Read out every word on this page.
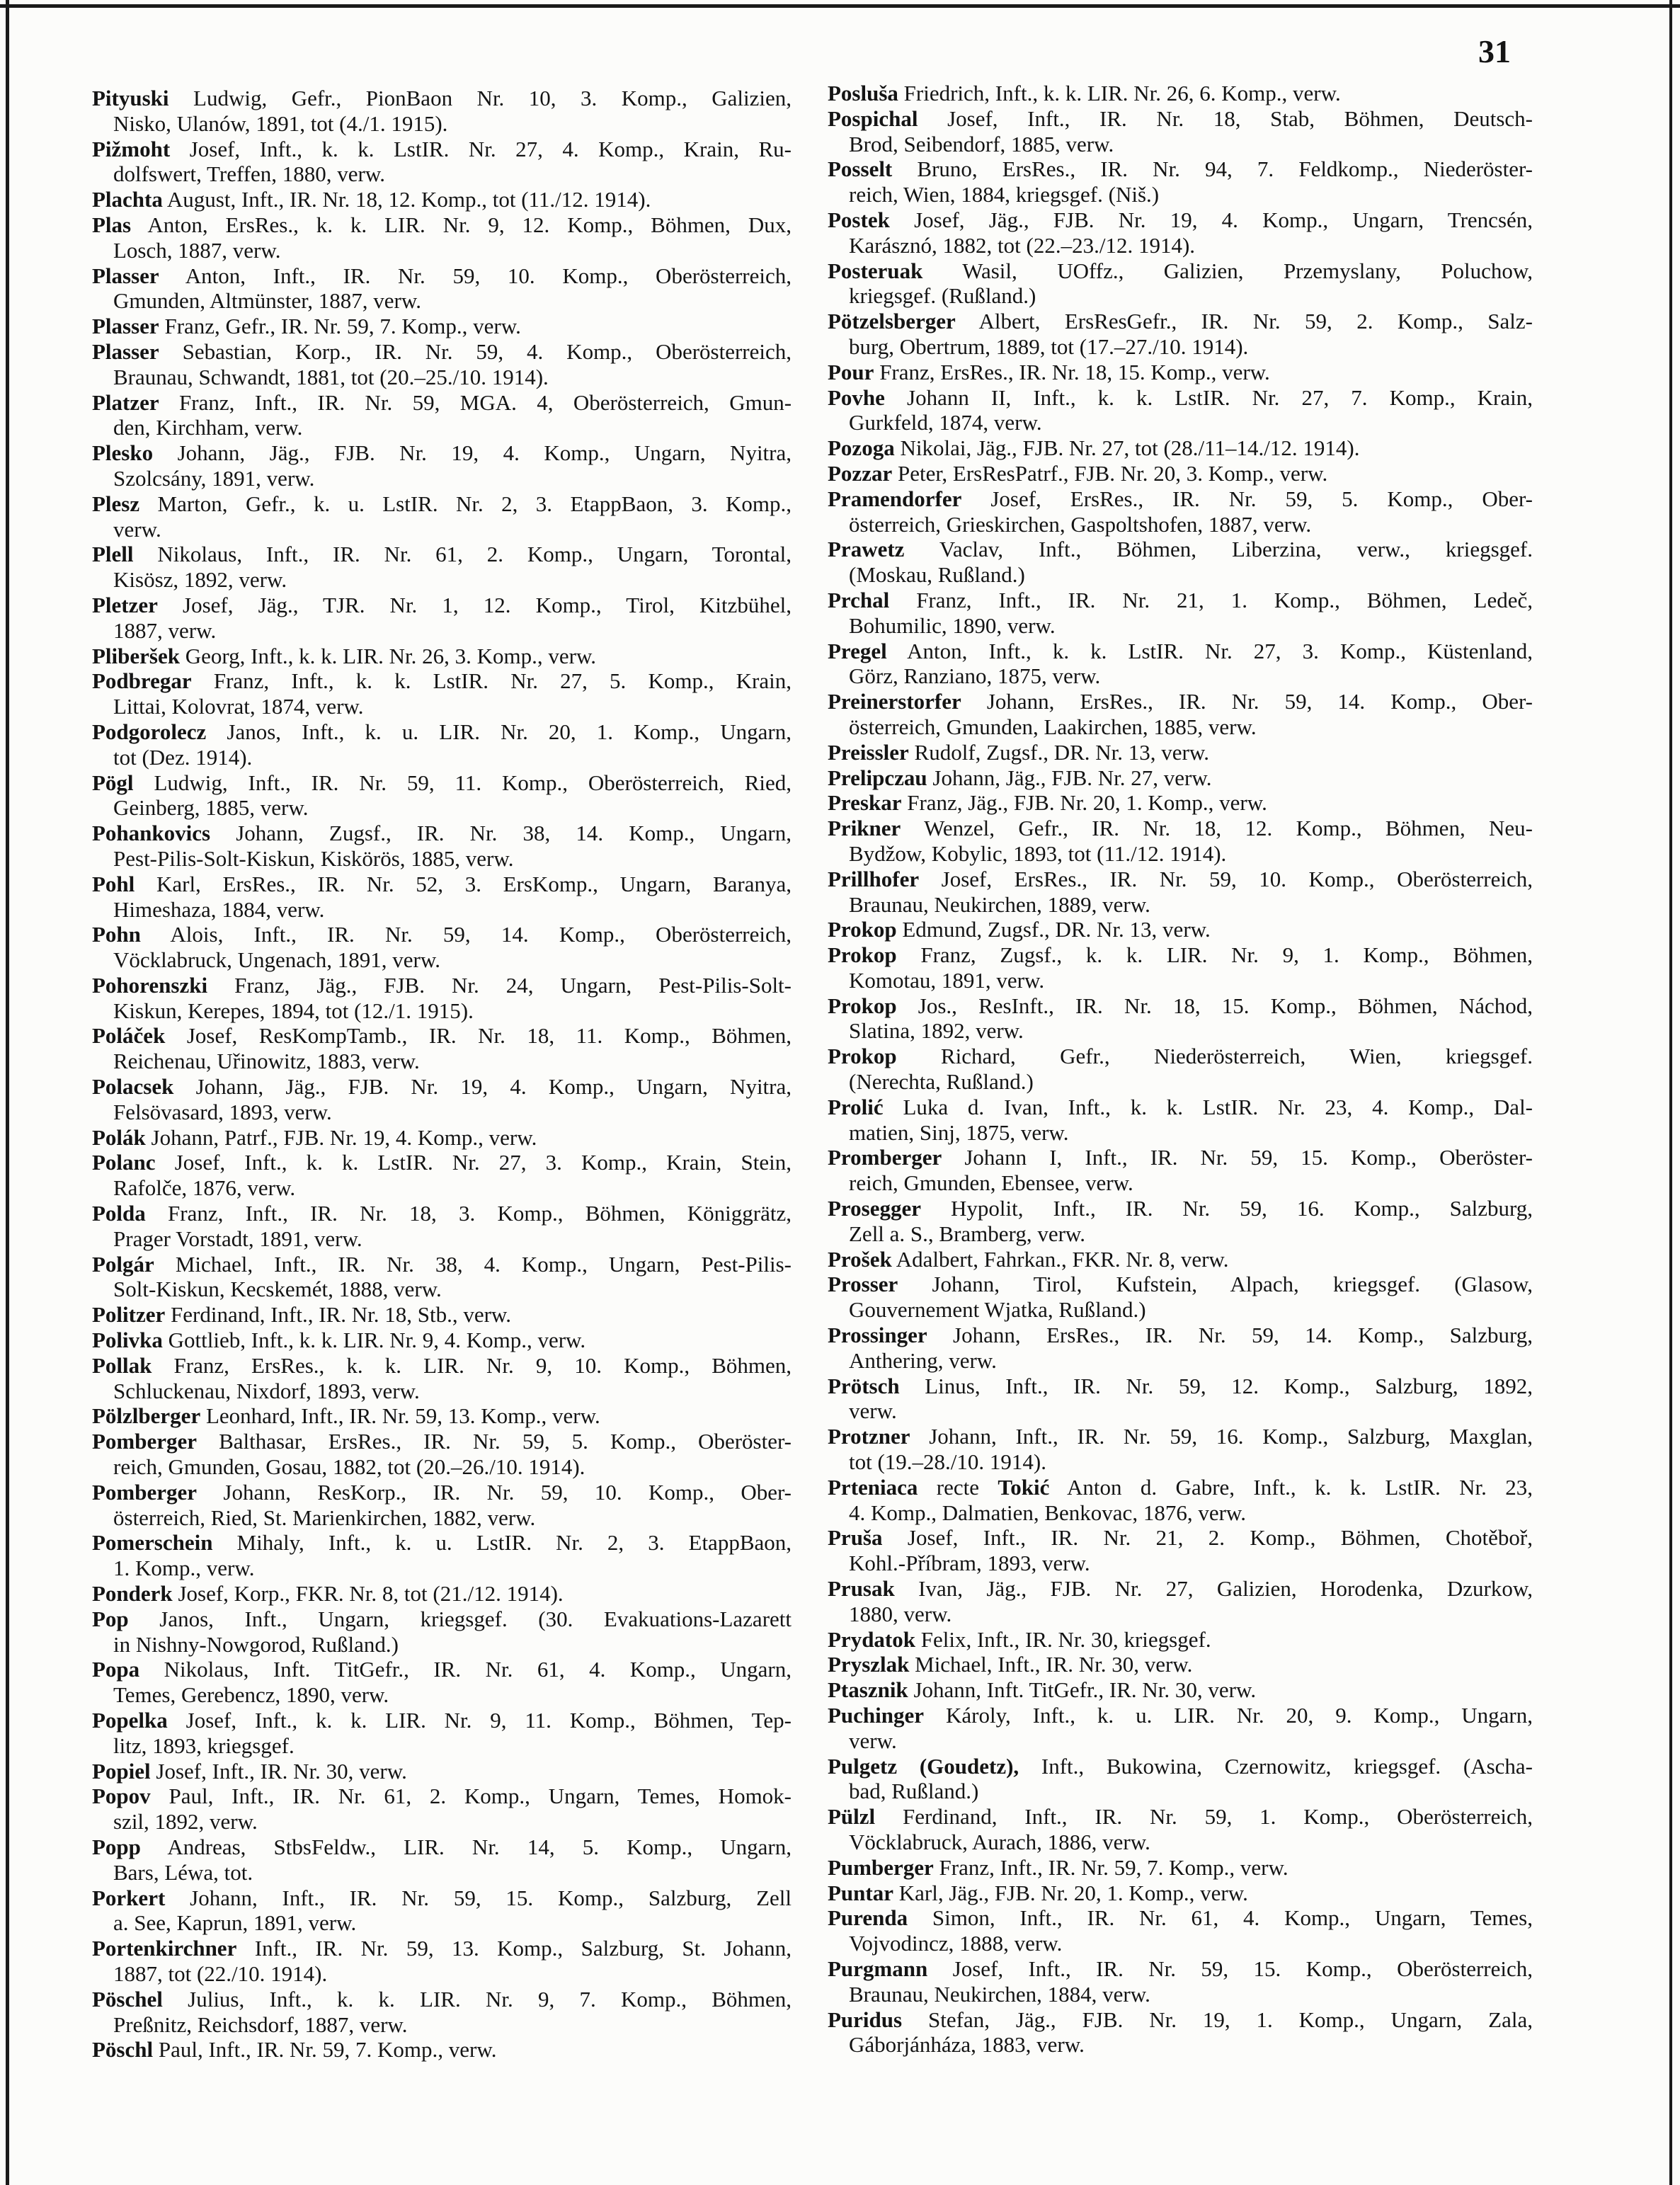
31
Pityuski Ludwig, Gefr., PionBaon Nr. 10, 3. Komp., Galizien,
Nisko, Ulanów, 1891, tot (4./1. 1915).
Pižmoht Josef, Inft., k. k. LstIR. Nr. 27, 4. Komp., Krain, Ru-
dolfswert, Treffen, 1880, verw.
Plachta August, Inft., IR. Nr. 18, 12. Komp., tot (11./12. 1914).
Plas Anton, ErsRes., k. k. LIR. Nr. 9, 12. Komp., Böhmen, Dux,
Losch, 1887, verw.
Plasser Anton, Inft., IR. Nr. 59, 10. Komp., Oberösterreich,
Gmunden, Altmünster, 1887, verw.
Plasser Franz, Gefr., IR. Nr. 59, 7. Komp., verw.
Plasser Sebastian, Korp., IR. Nr. 59, 4. Komp., Oberösterreich,
Braunau, Schwandt, 1881, tot (20.–25./10. 1914).
Platzer Franz, Inft., IR. Nr. 59, MGA. 4, Oberösterreich, Gmun-
den, Kirchham, verw.
Plesko Johann, Jäg., FJB. Nr. 19, 4. Komp., Ungarn, Nyitra,
Szolcsány, 1891, verw.
Plesz Marton, Gefr., k. u. LstIR. Nr. 2, 3. EtappBaon, 3. Komp.,
verw.
Plell Nikolaus, Inft., IR. Nr. 61, 2. Komp., Ungarn, Torontal,
Kisösz, 1892, verw.
Pletzer Josef, Jäg., TJR. Nr. 1, 12. Komp., Tirol, Kitzbühel,
1887, verw.
Pliberšek Georg, Inft., k. k. LIR. Nr. 26, 3. Komp., verw.
Podbregar Franz, Inft., k. k. LstIR. Nr. 27, 5. Komp., Krain,
Littai, Kolovrat, 1874, verw.
Podgorolecz Janos, Inft., k. u. LIR. Nr. 20, 1. Komp., Ungarn,
tot (Dez. 1914).
Pögl Ludwig, Inft., IR. Nr. 59, 11. Komp., Oberösterreich, Ried,
Geinberg, 1885, verw.
Pohankovics Johann, Zugsf., IR. Nr. 38, 14. Komp., Ungarn,
Pest-Pilis-Solt-Kiskun, Kiskörös, 1885, verw.
Pohl Karl, ErsRes., IR. Nr. 52, 3. ErsKomp., Ungarn, Baranya,
Himeshaza, 1884, verw.
Pohn Alois, Inft., IR. Nr. 59, 14. Komp., Oberösterreich,
Vöcklabruck, Ungenach, 1891, verw.
Pohorenszki Franz, Jäg., FJB. Nr. 24, Ungarn, Pest-Pilis-Solt-
Kiskun, Kerepes, 1894, tot (12./1. 1915).
Poláček Josef, ResKompTamb., IR. Nr. 18, 11. Komp., Böhmen,
Reichenau, Uřinowitz, 1883, verw.
Polacsek Johann, Jäg., FJB. Nr. 19, 4. Komp., Ungarn, Nyitra,
Felsövasard, 1893, verw.
Polák Johann, Patrf., FJB. Nr. 19, 4. Komp., verw.
Polanc Josef, Inft., k. k. LstIR. Nr. 27, 3. Komp., Krain, Stein,
Rafolče, 1876, verw.
Polda Franz, Inft., IR. Nr. 18, 3. Komp., Böhmen, Königgrätz,
Prager Vorstadt, 1891, verw.
Polgár Michael, Inft., IR. Nr. 38, 4. Komp., Ungarn, Pest-Pilis-
Solt-Kiskun, Kecskemét, 1888, verw.
Politzer Ferdinand, Inft., IR. Nr. 18, Stb., verw.
Polivka Gottlieb, Inft., k. k. LIR. Nr. 9, 4. Komp., verw.
Pollak Franz, ErsRes., k. k. LIR. Nr. 9, 10. Komp., Böhmen,
Schluckenau, Nixdorf, 1893, verw.
Pölzlberger Leonhard, Inft., IR. Nr. 59, 13. Komp., verw.
Pomberger Balthasar, ErsRes., IR. Nr. 59, 5. Komp., Oberöster-
reich, Gmunden, Gosau, 1882, tot (20.–26./10. 1914).
Pomberger Johann, ResKorp., IR. Nr. 59, 10. Komp., Ober-
österreich, Ried, St. Marienkirchen, 1882, verw.
Pomerschein Mihaly, Inft., k. u. LstIR. Nr. 2, 3. EtappBaon,
1. Komp., verw.
Ponderk Josef, Korp., FKR. Nr. 8, tot (21./12. 1914).
Pop Janos, Inft., Ungarn, kriegsgef. (30. Evakuations-Lazarett
in Nishny-Nowgorod, Rußland.)
Popa Nikolaus, Inft. TitGefr., IR. Nr. 61, 4. Komp., Ungarn,
Temes, Gerebencz, 1890, verw.
Popelka Josef, Inft., k. k. LIR. Nr. 9, 11. Komp., Böhmen, Tep-
litz, 1893, kriegsgef.
Popiel Josef, Inft., IR. Nr. 30, verw.
Popov Paul, Inft., IR. Nr. 61, 2. Komp., Ungarn, Temes, Homok-
szil, 1892, verw.
Popp Andreas, StbsFeldw., LIR. Nr. 14, 5. Komp., Ungarn,
Bars, Léwa, tot.
Porkert Johann, Inft., IR. Nr. 59, 15. Komp., Salzburg, Zell
a. See, Kaprun, 1891, verw.
Portenkirchner Inft., IR. Nr. 59, 13. Komp., Salzburg, St. Johann,
1887, tot (22./10. 1914).
Pöschel Julius, Inft., k. k. LIR. Nr. 9, 7. Komp., Böhmen,
Preßnitz, Reichsdorf, 1887, verw.
Pöschl Paul, Inft., IR. Nr. 59, 7. Komp., verw.
Posluša Friedrich, Inft., k. k. LIR. Nr. 26, 6. Komp., verw.
Pospichal Josef, Inft., IR. Nr. 18, Stab, Böhmen, Deutsch-
Brod, Seibendorf, 1885, verw.
Posselt Bruno, ErsRes., IR. Nr. 94, 7. Feldkomp., Niederöster-
reich, Wien, 1884, kriegsgef. (Niš.)
Postek Josef, Jäg., FJB. Nr. 19, 4. Komp., Ungarn, Trencsén,
Karásznó, 1882, tot (22.–23./12. 1914).
Posteruak Wasil, UOffz., Galizien, Przemyslany, Poluchow,
kriegsgef. (Rußland.)
Pötzelsberger Albert, ErsResGefr., IR. Nr. 59, 2. Komp., Salz-
burg, Obertrum, 1889, tot (17.–27./10. 1914).
Pour Franz, ErsRes., IR. Nr. 18, 15. Komp., verw.
Povhe Johann II, Inft., k. k. LstIR. Nr. 27, 7. Komp., Krain,
Gurkfeld, 1874, verw.
Pozoga Nikolai, Jäg., FJB. Nr. 27, tot (28./11–14./12. 1914).
Pozzar Peter, ErsResPatrf., FJB. Nr. 20, 3. Komp., verw.
Pramendorfer Josef, ErsRes., IR. Nr. 59, 5. Komp., Ober-
österreich, Grieskirchen, Gaspoltshofen, 1887, verw.
Prawetz Vaclav, Inft., Böhmen, Liberzina, verw., kriegsgef.
(Moskau, Rußland.)
Prchal Franz, Inft., IR. Nr. 21, 1. Komp., Böhmen, Ledeč,
Bohumilic, 1890, verw.
Pregel Anton, Inft., k. k. LstIR. Nr. 27, 3. Komp., Küstenland,
Görz, Ranziano, 1875, verw.
Preinerstorfer Johann, ErsRes., IR. Nr. 59, 14. Komp., Ober-
österreich, Gmunden, Laakirchen, 1885, verw.
Preissler Rudolf, Zugsf., DR. Nr. 13, verw.
Prelipczau Johann, Jäg., FJB. Nr. 27, verw.
Preskar Franz, Jäg., FJB. Nr. 20, 1. Komp., verw.
Prikner Wenzel, Gefr., IR. Nr. 18, 12. Komp., Böhmen, Neu-
Bydžow, Kobylic, 1893, tot (11./12. 1914).
Prillhofer Josef, ErsRes., IR. Nr. 59, 10. Komp., Oberösterreich,
Braunau, Neukirchen, 1889, verw.
Prokop Edmund, Zugsf., DR. Nr. 13, verw.
Prokop Franz, Zugsf., k. k. LIR. Nr. 9, 1. Komp., Böhmen,
Komotau, 1891, verw.
Prokop Jos., ResInft., IR. Nr. 18, 15. Komp., Böhmen, Náchod,
Slatina, 1892, verw.
Prokop Richard, Gefr., Niederösterreich, Wien, kriegsgef.
(Nerechta, Rußland.)
Prolić Luka d. Ivan, Inft., k. k. LstIR. Nr. 23, 4. Komp., Dal-
matien, Sinj, 1875, verw.
Promberger Johann I, Inft., IR. Nr. 59, 15. Komp., Oberöster-
reich, Gmunden, Ebensee, verw.
Prosegger Hypolit, Inft., IR. Nr. 59, 16. Komp., Salzburg,
Zell a. S., Bramberg, verw.
Prošek Adalbert, Fahrkan., FKR. Nr. 8, verw.
Prosser Johann, Tirol, Kufstein, Alpach, kriegsgef. (Glasow,
Gouvernement Wjatka, Rußland.)
Prossinger Johann, ErsRes., IR. Nr. 59, 14. Komp., Salzburg,
Anthering, verw.
Prötsch Linus, Inft., IR. Nr. 59, 12. Komp., Salzburg, 1892,
verw.
Protzner Johann, Inft., IR. Nr. 59, 16. Komp., Salzburg, Maxglan,
tot (19.–28./10. 1914).
Prteniaca recte Tokić Anton d. Gabre, Inft., k. k. LstIR. Nr. 23,
4. Komp., Dalmatien, Benkovac, 1876, verw.
Pruša Josef, Inft., IR. Nr. 21, 2. Komp., Böhmen, Chotěboř,
Kohl.-Příbram, 1893, verw.
Prusak Ivan, Jäg., FJB. Nr. 27, Galizien, Horodenka, Dzurkow,
1880, verw.
Prydatok Felix, Inft., IR. Nr. 30, kriegsgef.
Pryszlak Michael, Inft., IR. Nr. 30, verw.
Ptasznik Johann, Inft. TitGefr., IR. Nr. 30, verw.
Puchinger Károly, Inft., k. u. LIR. Nr. 20, 9. Komp., Ungarn,
verw.
Pulgetz (Goudetz), Inft., Bukowina, Czernowitz, kriegsgef. (Ascha-
bad, Rußland.)
Pülzl Ferdinand, Inft., IR. Nr. 59, 1. Komp., Oberösterreich,
Vöcklabruck, Aurach, 1886, verw.
Pumberger Franz, Inft., IR. Nr. 59, 7. Komp., verw.
Puntar Karl, Jäg., FJB. Nr. 20, 1. Komp., verw.
Purenda Simon, Inft., IR. Nr. 61, 4. Komp., Ungarn, Temes,
Vojvodincz, 1888, verw.
Purgmann Josef, Inft., IR. Nr. 59, 15. Komp., Oberösterreich,
Braunau, Neukirchen, 1884, verw.
Puridus Stefan, Jäg., FJB. Nr. 19, 1. Komp., Ungarn, Zala,
Gáborjánháza, 1883, verw.
